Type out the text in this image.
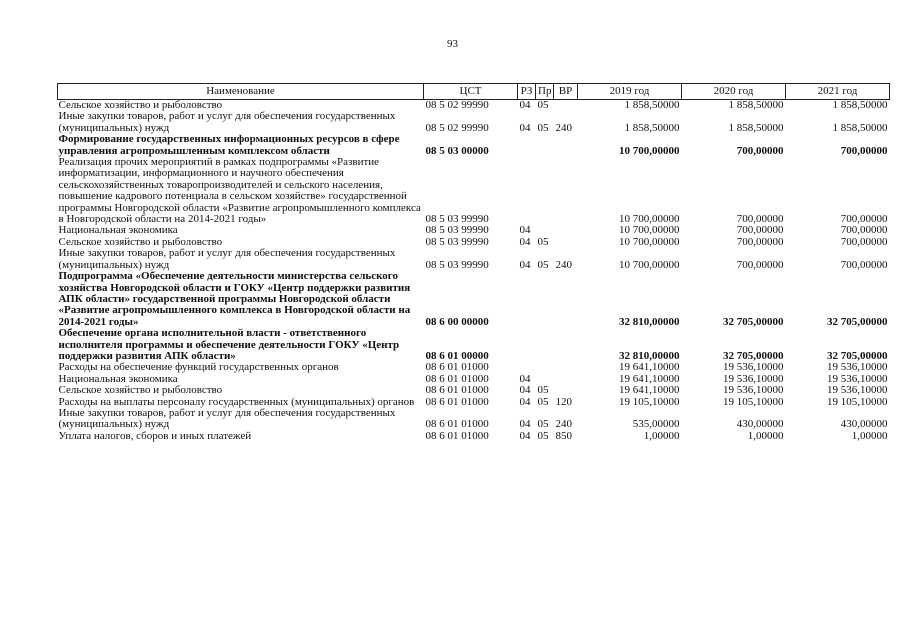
93
Наименование	ЦСТ	РЗ	Пр	ВР	2019 год	2020 год	2021 год
Сельское хозяйство и рыболовство	08 5 02 99990	04	05		1 858,50000	1 858,50000	1 858,50000
Иные закупки товаров, работ и услуг для обеспечения государственных (муниципальных) нужд	08 5 02 99990	04	05	240	1 858,50000	1 858,50000	1 858,50000
Формирование государственных информационных ресурсов в сфере управления агропромышленным комплексом области	08 5 03 00000				10 700,00000	700,00000	700,00000
Реализация прочих мероприятий в рамках подпрограммы «Развитие информатизации, информационного и научного обеспечения сельскохозяйственных товаропроизводителей и сельского населения, повышение кадрового потенциала в сельском хозяйстве» государственной программы Новгородской области «Развитие агропромышленного комплекса в Новгородской области на 2014-2021 годы»	08 5 03 99990				10 700,00000	700,00000	700,00000
Национальная экономика	08 5 03 99990	04			10 700,00000	700,00000	700,00000
Сельское хозяйство и рыболовство	08 5 03 99990	04	05		10 700,00000	700,00000	700,00000
Иные закупки товаров, работ и услуг для обеспечения государственных (муниципальных) нужд	08 5 03 99990	04	05	240	10 700,00000	700,00000	700,00000
Подпрограмма «Обеспечение деятельности министерства сельского хозяйства Новгородской области и ГОКУ «Центр поддержки развития АПК области» государственной программы Новгородской области «Развитие агропромышленного комплекса в Новгородской области на 2014-2021 годы»	08 6 00 00000				32 810,00000	32 705,00000	32 705,00000
Обеспечение органа исполнительной власти - ответственного исполнителя программы и обеспечение деятельности ГОКУ «Центр поддержки развития АПК области»	08 6 01 00000				32 810,00000	32 705,00000	32 705,00000
Расходы на обеспечение функций государственных органов	08 6 01 01000				19 641,10000	19 536,10000	19 536,10000
Национальная экономика	08 6 01 01000	04			19 641,10000	19 536,10000	19 536,10000
Сельское хозяйство и рыболовство	08 6 01 01000	04	05		19 641,10000	19 536,10000	19 536,10000
Расходы на выплаты персоналу государственных (муниципальных) органов	08 6 01 01000	04	05	120	19 105,10000	19 105,10000	19 105,10000
Иные закупки товаров, работ и услуг для обеспечения государственных (муниципальных) нужд	08 6 01 01000	04	05	240	535,00000	430,00000	430,00000
Уплата налогов, сборов и иных платежей	08 6 01 01000	04	05	850	1,00000	1,00000	1,00000
